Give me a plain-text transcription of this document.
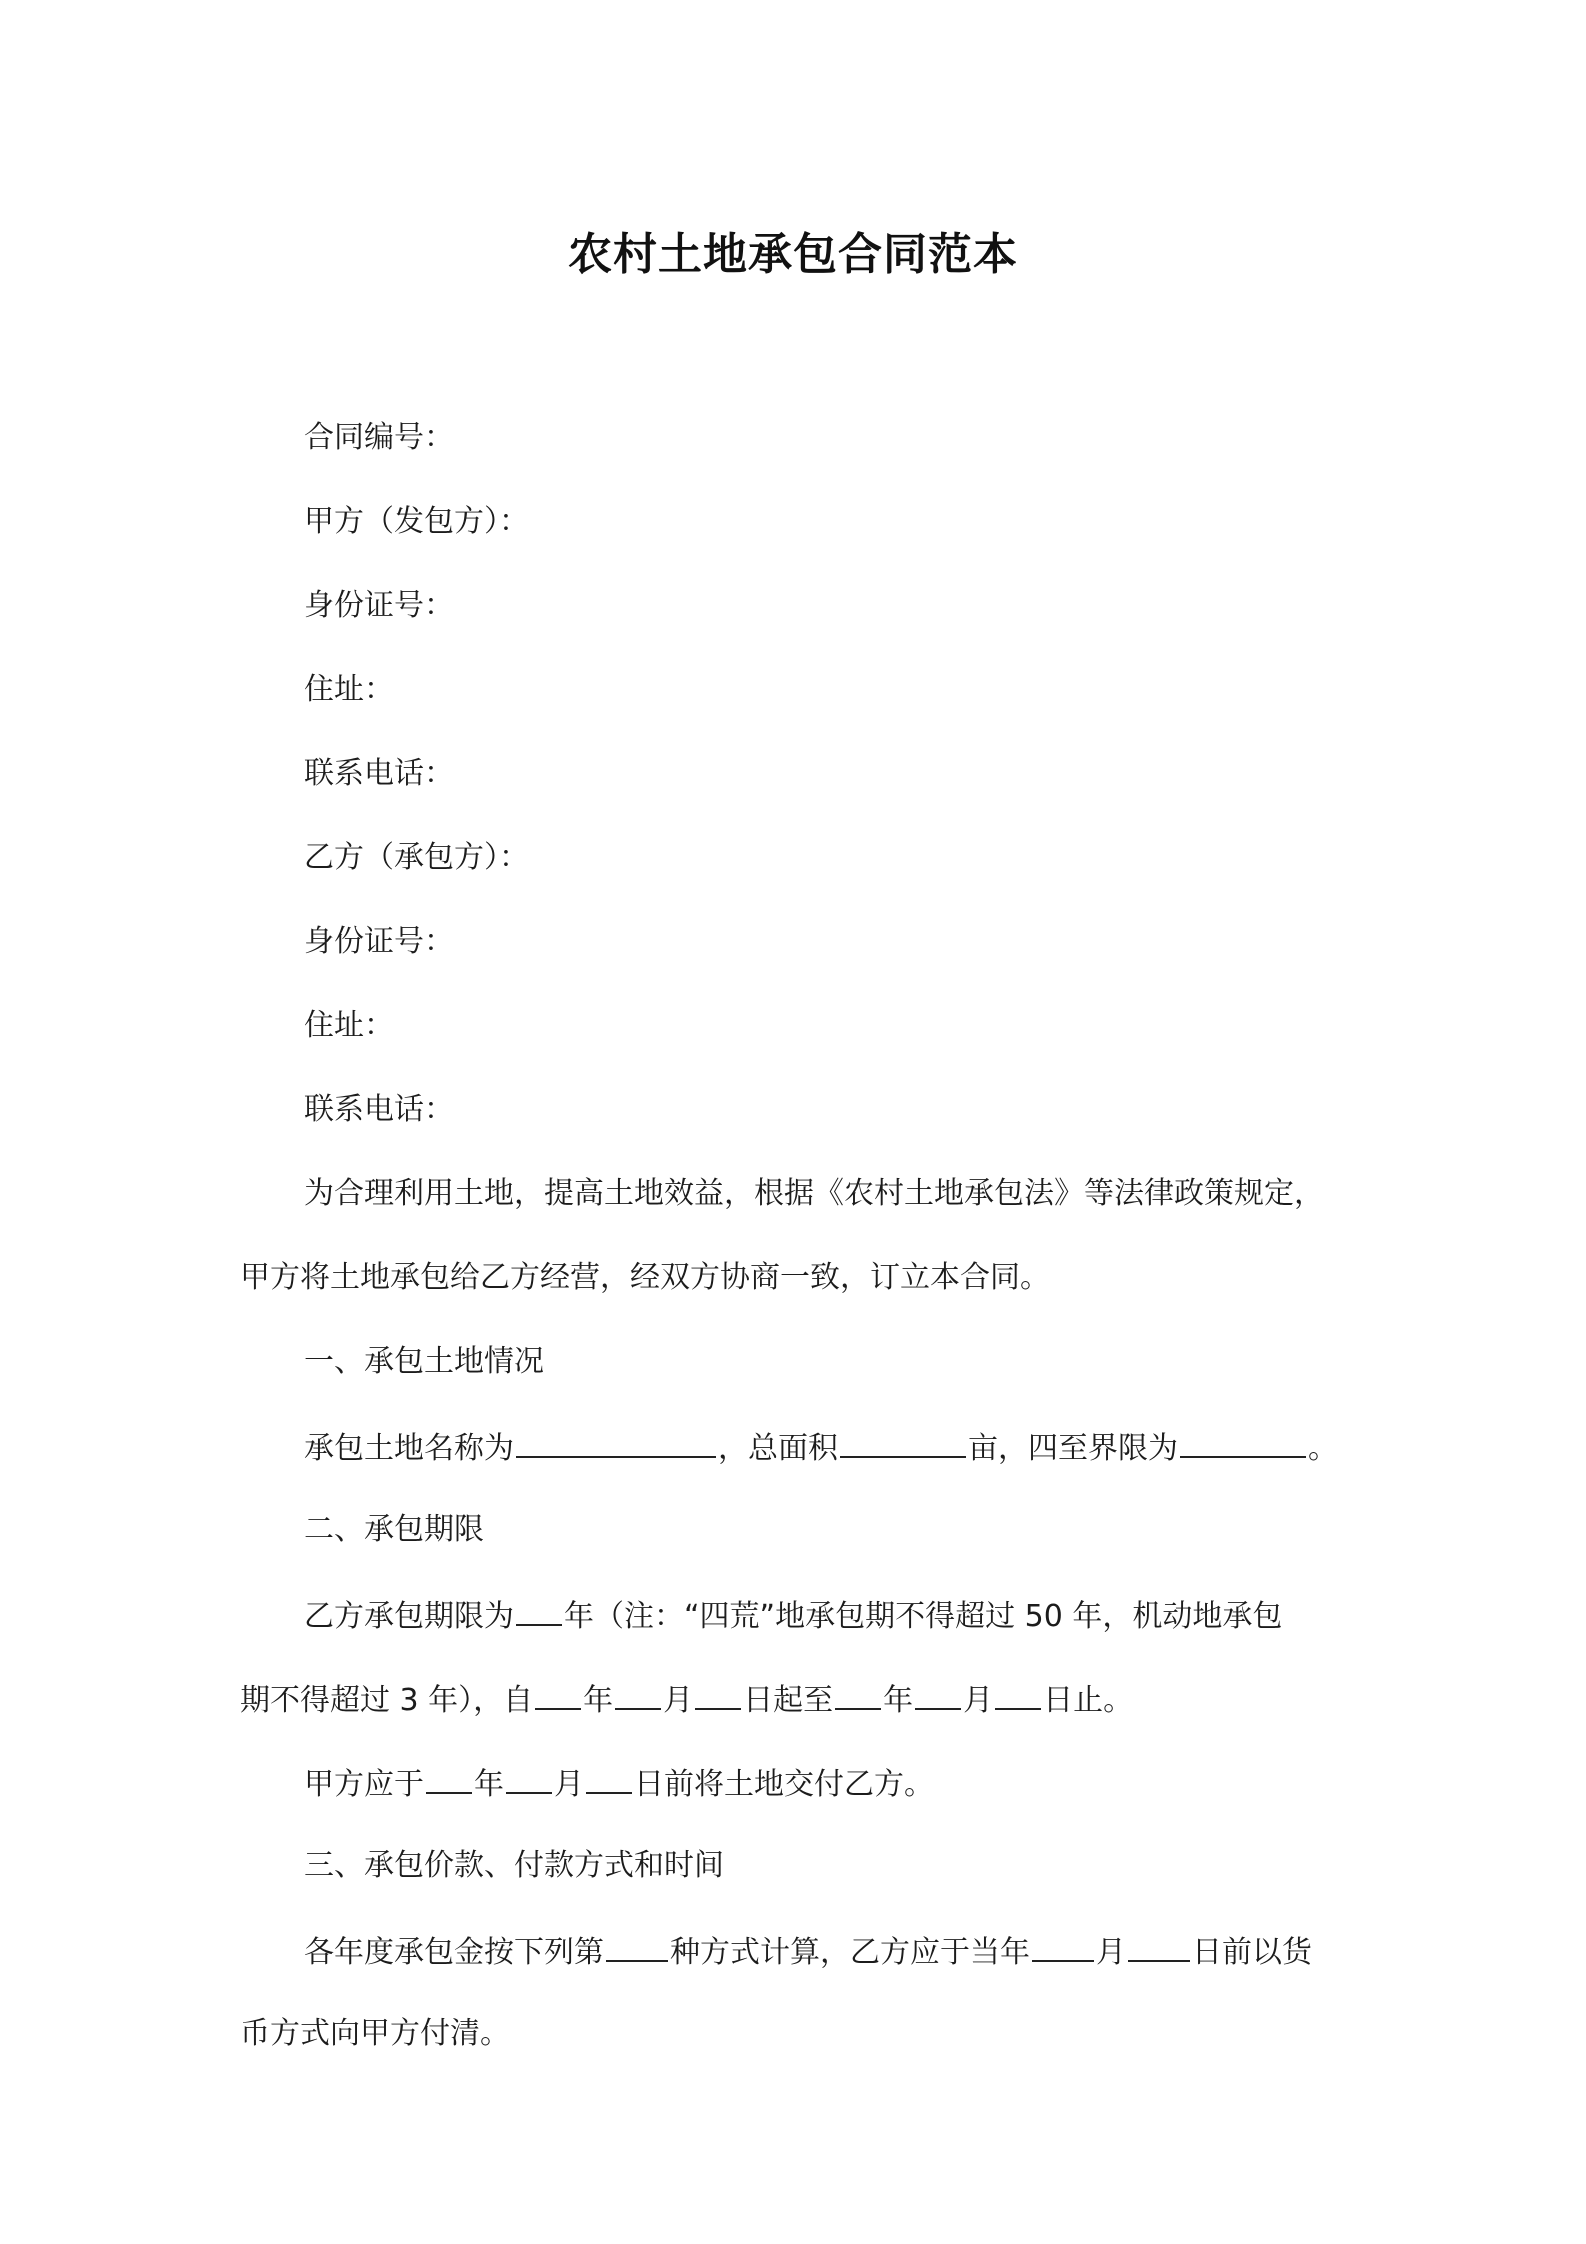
农村土地承包合同范本
合同编号：
甲方（发包方）：
身份证号：
住址：
联系电话：
乙方（承包方）：
身份证号：
住址：
联系电话：
为合理利用土地，提高土地效益，根据《农村土地承包法》等法律政策规定，
甲方将土地承包给乙方经营，经双方协商一致，订立本合同。
一、承包土地情况
承包土地名称为	，总面积	亩，四至界限为	。
二、承包期限
乙方承包期限为 年（注：“四荒”地承包期不得超过 50 年，机动地承包
期不得超过 3 年），自 年 月 日起至 年 月 日止。
甲方应于 年 月 日前将土地交付乙方。
三、承包价款、付款方式和时间
各年度承包金按下列第 种方式计算，乙方应于当年 月 日前以货
币方式向甲方付清。
